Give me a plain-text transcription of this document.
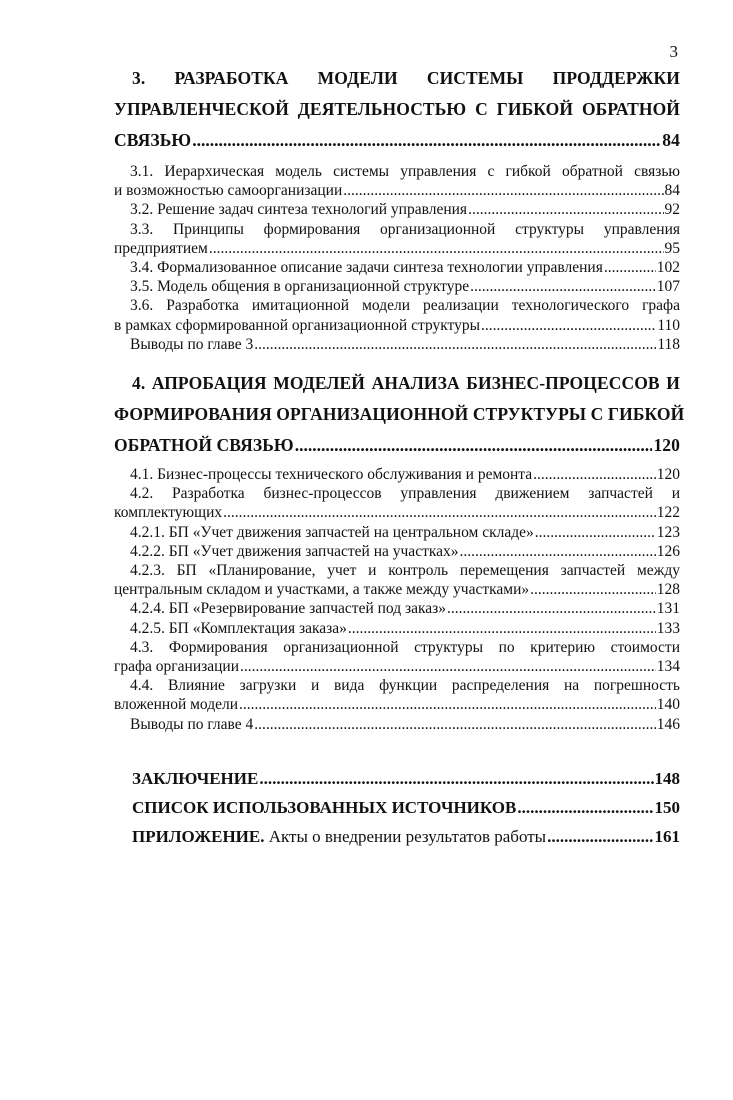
3
3. РАЗРАБОТКА МОДЕЛИ СИСТЕМЫ ПРОДДЕРЖКИ
УПРАВЛЕНЧЕСКОЙ ДЕЯТЕЛЬНОСТЬЮ С ГИБКОЙ ОБРАТНОЙ
СВЯЗЬЮ .....	84
3.1. Иерархическая модель системы управления с гибкой обратной связью
и возможностью самоорганизации .....	84
3.2. Решение задач синтеза технологий управления .....	92
3.3. Принципы формирования организационной структуры управления
предприятием .....	95
3.4. Формализованное описание задачи синтеза технологии управления .....	102
3.5. Модель общения в организационной структуре .....	107
3.6. Разработка имитационной модели реализации технологического графа
в рамках сформированной организационной структуры .....	110
Выводы по главе 3 .....	118
4. АПРОБАЦИЯ МОДЕЛЕЙ АНАЛИЗА БИЗНЕС-ПРОЦЕССОВ И
ФОРМИРОВАНИЯ ОРГАНИЗАЦИОННОЙ СТРУКТУРЫ С ГИБКОЙ
ОБРАТНОЙ СВЯЗЬЮ .....	120
4.1. Бизнес-процессы технического обслуживания и ремонта .....	120
4.2. Разработка бизнес-процессов управления движением запчастей и
комплектующих .....	122
4.2.1. БП «Учет движения запчастей на центральном складе» .....	123
4.2.2. БП «Учет движения запчастей на участках» .....	126
4.2.3. БП «Планирование, учет и контроль перемещения запчастей между
центральным складом и участками, а также между участками» .....	128
4.2.4. БП «Резервирование запчастей под заказ» .....	131
4.2.5. БП «Комплектация заказа» .....	133
4.3. Формирования организационной структуры по критерию стоимости
графа организации .....	134
4.4. Влияние загрузки и вида функции распределения на погрешность
вложенной модели .....	140
Выводы по главе 4 .....	146
ЗАКЛЮЧЕНИЕ .....	148
СПИСОК ИСПОЛЬЗОВАННЫХ ИСТОЧНИКОВ .....	150
ПРИЛОЖЕНИЕ.
Акты о внедрении результатов работы .....	161
